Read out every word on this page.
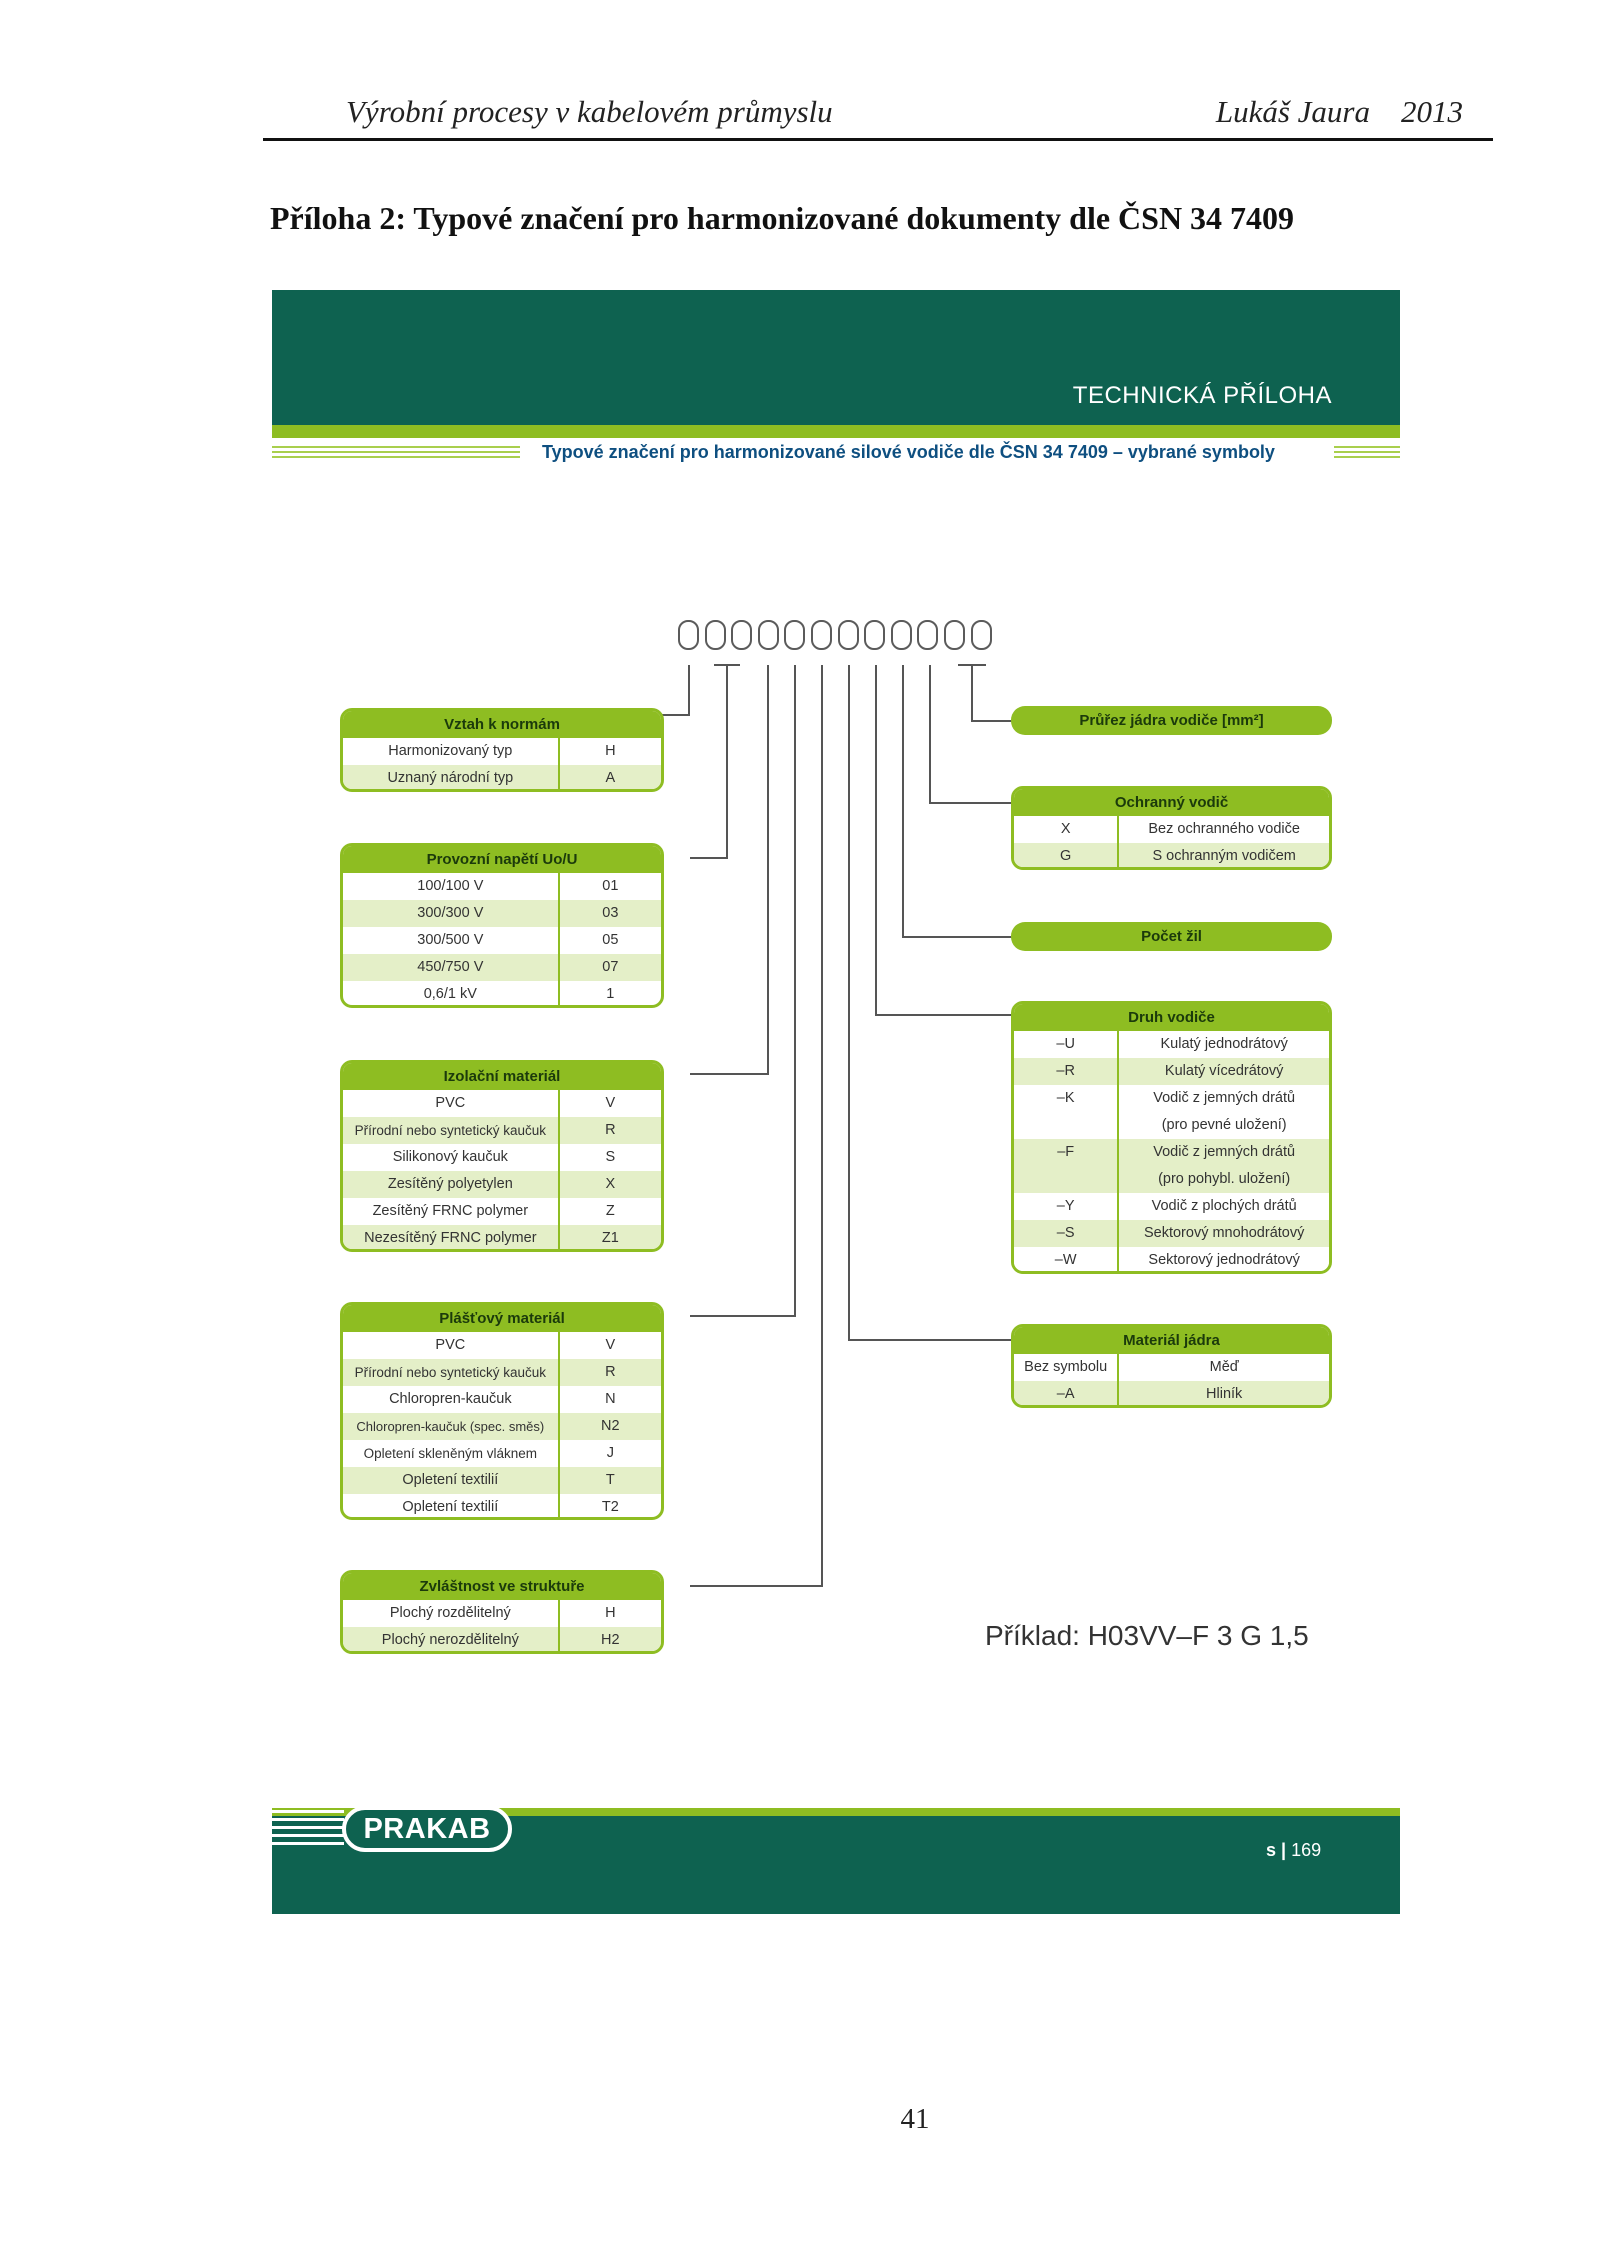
Výrobní procesy v kabelovém průmyslu	Lukáš Jaura    2013
Příloha 2: Typové značení pro harmonizované dokumenty dle ČSN 34 7409
TECHNICKÁ PŘÍLOHA
Typové značení pro harmonizované silové vodiče dle ČSN 34 7409 – vybrané symboly
Vztah k normám
Harmonizovaný typ	H
Uznaný národní typ	A
Provozní napětí Uo/U
100/100 V	01
300/300 V	03
300/500 V	05
450/750 V	07
0,6/1 kV	1
Izolační materiál
PVC	V
Přírodní nebo syntetický kaučuk	R
Silikonový kaučuk	S
Zesítěný polyetylen	X
Zesítěný FRNC polymer	Z
Nezesítěný FRNC polymer	Z1
Plášťový materiál
PVC	V
Přírodní nebo syntetický kaučuk	R
Chloropren-kaučuk	N
Chloropren-kaučuk (spec. směs)	N2
Opletení skleněným vláknem	J
Opletení textilií	T
Opletení textilií	T2
Zvláštnost ve struktuře
Plochý rozdělitelný	H
Plochý nerozdělitelný	H2
Průřez jádra vodiče [mm²]
Ochranný vodič
X	Bez ochranného vodiče
G	S ochranným vodičem
Počet žil
Druh vodiče
–U	Kulatý jednodrátový
–R	Kulatý vícedrátový
–K	Vodič z jemných drátů
(pro pevné uložení)
–F	Vodič z jemných drátů
(pro pohybl. uložení)
–Y	Vodič z plochých drátů
–S	Sektorový mnohodrátový
–W	Sektorový jednodrátový
Materiál jádra
Bez symbolu	Měď
–A	Hliník
Příklad: H03VV–F 3 G 1,5
PRAKAB
s | 169
41
